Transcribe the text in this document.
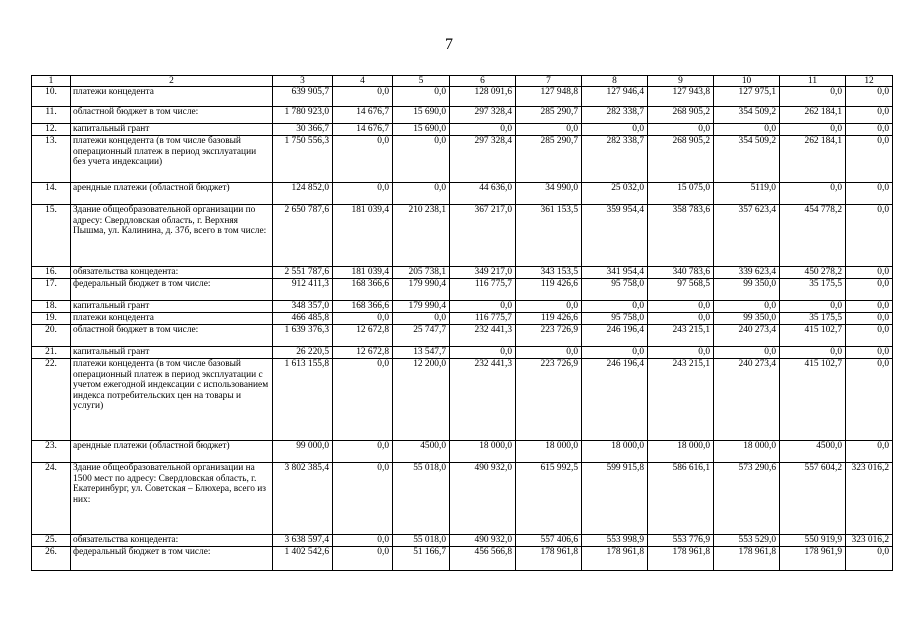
7
1	2	3	4	5	6	7	8	9	10	11	12
10.	платежи концедента	639 905,7	0,0	0,0	128 091,6	127 948,8	127 946,4	127 943,8	127 975,1	0,0	0,0
11.	областной бюджет в том числе:	1 780 923,0	14 676,7	15 690,0	297 328,4	285 290,7	282 338,7	268 905,2	354 509,2	262 184,1	0,0
12.	капитальный грант	30 366,7	14 676,7	15 690,0	0,0	0,0	0,0	0,0	0,0	0,0	0,0
13.	платежи концедента (в том числе базовый операционный платеж в период эксплуатации без учета индексации)	1 750 556,3	0,0	0,0	297 328,4	285 290,7	282 338,7	268 905,2	354 509,2	262 184,1	0,0
14.	арендные платежи (областной бюджет)	124 852,0	0,0	0,0	44 636,0	34 990,0	25 032,0	15 075,0	5119,0	0,0	0,0
15.	Здание общеобразовательной организации по адресу: Свердловская область, г. Верхняя Пышма, ул. Калинина, д. 37б, всего в том числе:	2 650 787,6	181 039,4	210 238,1	367 217,0	361 153,5	359 954,4	358 783,6	357 623,4	454 778,2	0,0
16.	обязательства концедента:	2 551 787,6	181 039,4	205 738,1	349 217,0	343 153,5	341 954,4	340 783,6	339 623,4	450 278,2	0,0
17.	федеральный бюджет в том числе:	912 411,3	168 366,6	179 990,4	116 775,7	119 426,6	95 758,0	97 568,5	99 350,0	35 175,5	0,0
18.	капитальный грант	348 357,0	168 366,6	179 990,4	0,0	0,0	0,0	0,0	0,0	0,0	0,0
19.	платежи концедента	466 485,8	0,0	0,0	116 775,7	119 426,6	95 758,0	0,0	99 350,0	35 175,5	0,0
20.	областной бюджет в том числе:	1 639 376,3	12 672,8	25 747,7	232 441,3	223 726,9	246 196,4	243 215,1	240 273,4	415 102,7	0,0
21.	капитальный грант	26 220,5	12 672,8	13 547,7	0,0	0,0	0,0	0,0	0,0	0,0	0,0
22.	платежи концедента (в том числе базовый операционный платеж в период эксплуатации с учетом ежегодной индексации с использованием индекса потребительских цен на товары и услуги)	1 613 155,8	0,0	12 200,0	232 441,3	223 726,9	246 196,4	243 215,1	240 273,4	415 102,7	0,0
23.	арендные платежи (областной бюджет)	99 000,0	0,0	4500,0	18 000,0	18 000,0	18 000,0	18 000,0	18 000,0	4500,0	0,0
24.	Здание общеобразовательной организации на 1500 мест по адресу: Свердловская область, г. Екатеринбург, ул. Советская – Блюхера, всего из них:	3 802 385,4	0,0	55 018,0	490 932,0	615 992,5	599 915,8	586 616,1	573 290,6	557 604,2	323 016,2
25.	обязательства концедента:	3 638 597,4	0,0	55 018,0	490 932,0	557 406,6	553 998,9	553 776,9	553 529,0	550 919,9	323 016,2
26.	федеральный бюджет в том числе:	1 402 542,6	0,0	51 166,7	456 566,8	178 961,8	178 961,8	178 961,8	178 961,8	178 961,9	0,0
